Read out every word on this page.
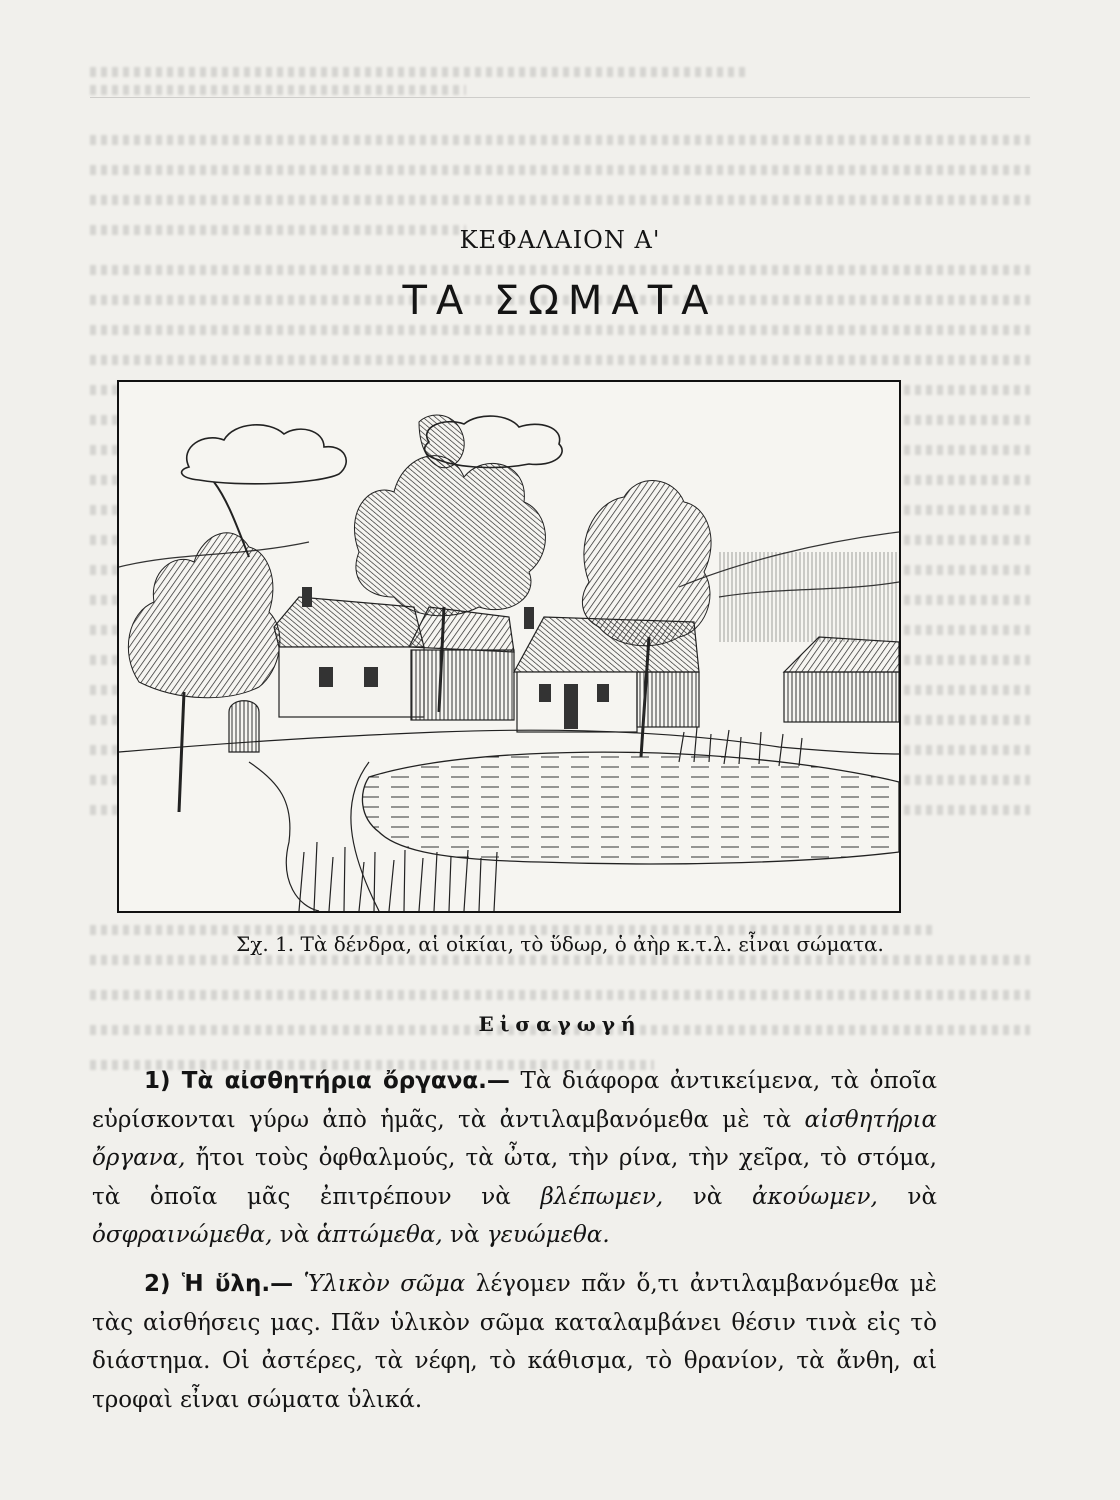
ΚΕΦΑΛΑΙΟΝ Α'
ΤΑ ΣΩΜΑΤΑ
Σχ. 1. Τὰ δένδρα, αἱ οἰκίαι, τὸ ὕδωρ, ὁ ἀὴρ κ.τ.λ. εἶναι σώματα.
Εἰσαγωγή
1) Τὰ αἰσθητήρια ὄργανα.— Τὰ διάφορα ἀντικείμενα, τὰ ὁποῖα εὑρίσκονται γύρω ἀπὸ ἡμᾶς, τὰ ἀντιλαμβανόμεθα μὲ τὰ αἰσθητήρια ὄργανα, ἤτοι τοὺς ὀφθαλμούς, τὰ ὦτα, τὴν ρίνα, τὴν χεῖρα, τὸ στόμα, τὰ ὁποῖα μᾶς ἐπιτρέπουν νὰ βλέπωμεν, νὰ ἀκούωμεν, νὰ ὀσφραινώμεθα, νὰ ἁπτώμεθα, νὰ γευώμεθα.
2) Ἡ ὕλη.— Ὑλικὸν σῶμα λέγομεν πᾶν ὅ,τι ἀντιλαμβανόμεθα μὲ τὰς αἰσθήσεις μας. Πᾶν ὑλικὸν σῶμα καταλαμβάνει θέσιν τινὰ εἰς τὸ διάστημα. Οἱ ἀστέρες, τὰ νέφη, τὸ κάθισμα, τὸ θρανίον, τὰ ἄνθη, αἱ τροφαὶ εἶναι σώματα ὑλικά.
